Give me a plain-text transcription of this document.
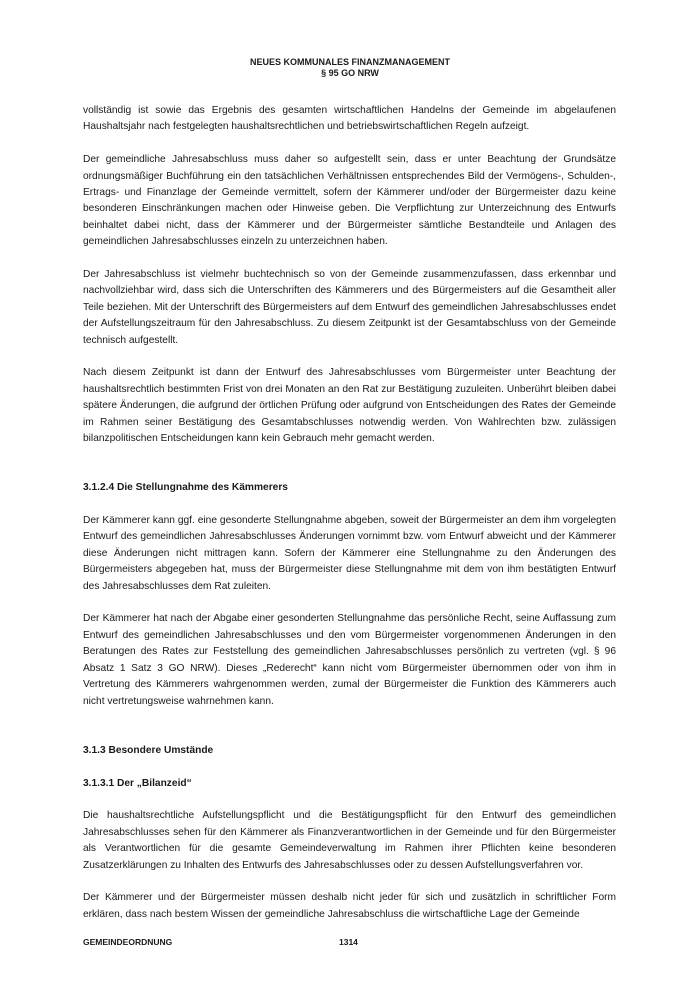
NEUES KOMMUNALES FINANZMANAGEMENT
§ 95 GO NRW

vollständig ist sowie das Ergebnis des gesamten wirtschaftlichen Handelns der Gemeinde im abgelaufenen Haushaltsjahr nach festgelegten haushaltsrechtlichen und betriebswirtschaftlichen Regeln aufzeigt.

Der gemeindliche Jahresabschluss muss daher so aufgestellt sein, dass er unter Beachtung der Grundsätze ordnungsmäßiger Buchführung ein den tatsächlichen Verhältnissen entsprechendes Bild der Vermögens-, Schulden-, Ertrags- und Finanzlage der Gemeinde vermittelt, sofern der Kämmerer und/oder der Bürgermeister dazu keine besonderen Einschränkungen machen oder Hinweise geben. Die Verpflichtung zur Unterzeichnung des Entwurfs beinhaltet dabei nicht, dass der Kämmerer und der Bürgermeister sämtliche Bestandteile und Anlagen des gemeindlichen Jahresabschlusses einzeln zu unterzeichnen haben.

Der Jahresabschluss ist vielmehr buchtechnisch so von der Gemeinde zusammenzufassen, dass erkennbar und nachvollziehbar wird, dass sich die Unterschriften des Kämmerers und des Bürgermeisters auf die Gesamtheit aller Teile beziehen. Mit der Unterschrift des Bürgermeisters auf dem Entwurf des gemeindlichen Jahresabschlusses endet der Aufstellungszeitraum für den Jahresabschluss. Zu diesem Zeitpunkt ist der Gesamtabschluss von der Gemeinde technisch aufgestellt.

Nach diesem Zeitpunkt ist dann der Entwurf des Jahresabschlusses vom Bürgermeister unter Beachtung der haushaltsrechtlich bestimmten Frist von drei Monaten an den Rat zur Bestätigung zuzuleiten. Unberührt bleiben dabei spätere Änderungen, die aufgrund der örtlichen Prüfung oder aufgrund von Entscheidungen des Rates der Gemeinde im Rahmen seiner Bestätigung des Gesamtabschlusses notwendig werden. Von Wahlrechten bzw. zulässigen bilanzpolitischen Entscheidungen kann kein Gebrauch mehr gemacht werden.

3.1.2.4 Die Stellungnahme des Kämmerers

Der Kämmerer kann ggf. eine gesonderte Stellungnahme abgeben, soweit der Bürgermeister an dem ihm vorgelegten Entwurf des gemeindlichen Jahresabschlusses Änderungen vornimmt bzw. vom Entwurf abweicht und der Kämmerer diese Änderungen nicht mittragen kann. Sofern der Kämmerer eine Stellungnahme zu den Änderungen des Bürgermeisters abgegeben hat, muss der Bürgermeister diese Stellungnahme mit dem von ihm bestätigten Entwurf des Jahresabschlusses dem Rat zuleiten.

Der Kämmerer hat nach der Abgabe einer gesonderten Stellungnahme das persönliche Recht, seine Auffassung zum Entwurf des gemeindlichen Jahresabschlusses und den vom Bürgermeister vorgenommenen Änderungen in den Beratungen des Rates zur Feststellung des gemeindlichen Jahresabschlusses persönlich zu vertreten (vgl. § 96 Absatz 1 Satz 3 GO NRW). Dieses „Rederecht“ kann nicht vom Bürgermeister übernommen oder von ihm in Vertretung des Kämmerers wahrgenommen werden, zumal der Bürgermeister die Funktion des Kämmerers auch nicht vertretungsweise wahrnehmen kann.

3.1.3 Besondere Umstände
3.1.3.1 Der „Bilanzeid“

Die haushaltsrechtliche Aufstellungspflicht und die Bestätigungspflicht für den Entwurf des gemeindlichen Jahresabschlusses sehen für den Kämmerer als Finanzverantwortlichen in der Gemeinde und für den Bürgermeister als Verantwortlichen für die gesamte Gemeindeverwaltung im Rahmen ihrer Pflichten keine besonderen Zusatzerklärungen zu Inhalten des Entwurfs des Jahresabschlusses oder zu dessen Aufstellungsverfahren vor.

Der Kämmerer und der Bürgermeister müssen deshalb nicht jeder für sich und zusätzlich in schriftlicher Form erklären, dass nach bestem Wissen der gemeindliche Jahresabschluss die wirtschaftliche Lage der Gemeinde

GEMEINDEORDNUNG	1314
